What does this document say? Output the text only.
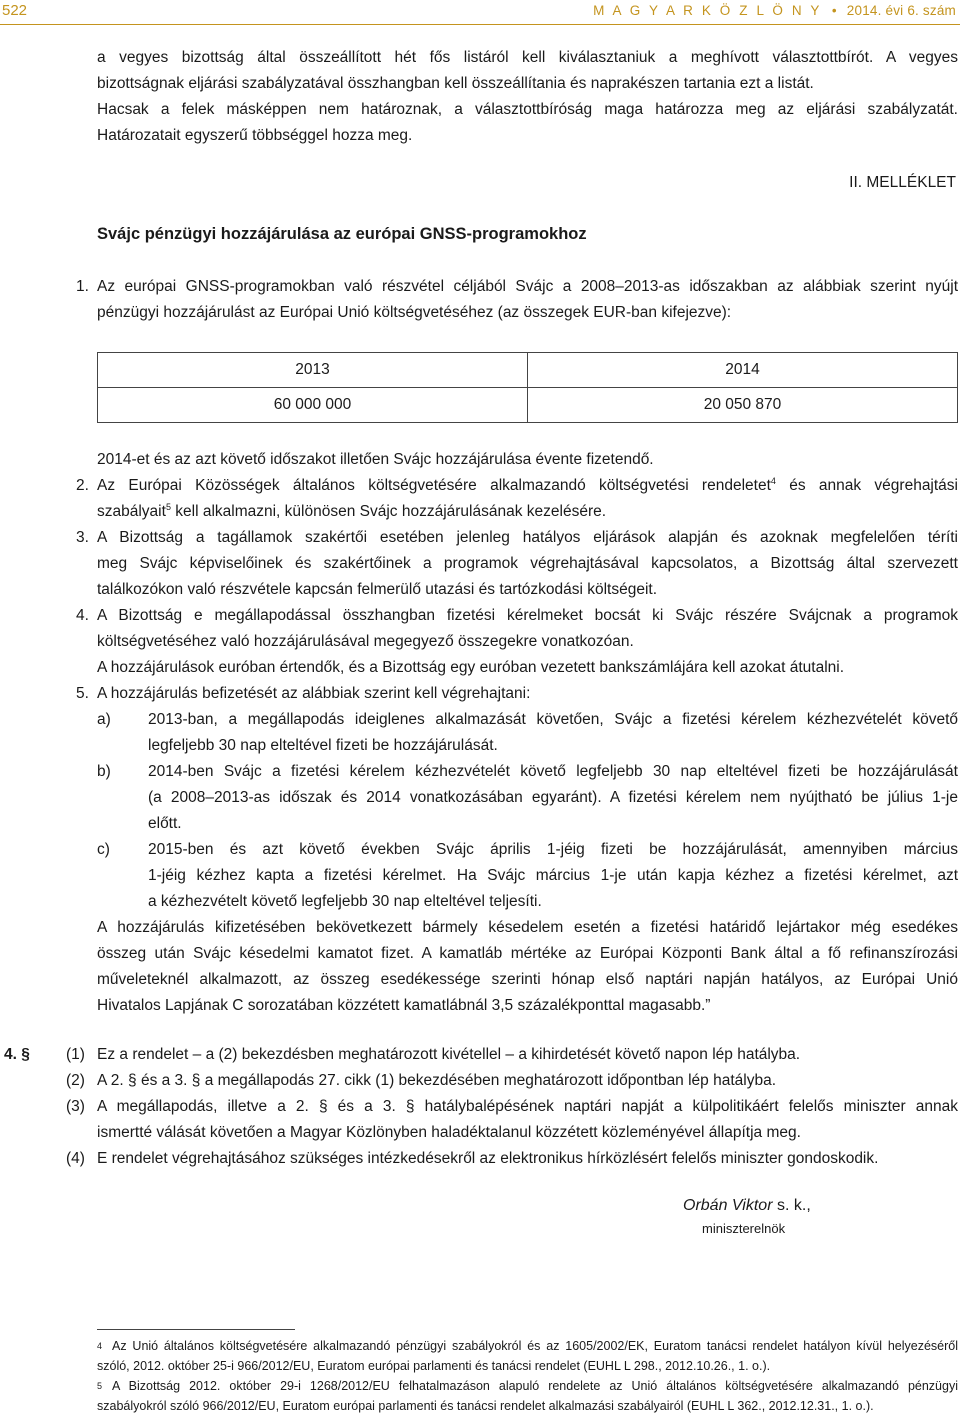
522	M A G Y A R K Ö Z L Ö N Y • 2014. évi 6. szám
a vegyes bizottság által összeállított hét fős listáról kell kiválasztaniuk a meghívott választottbírót. A vegyes
bizottságnak eljárási szabályzatával összhangban kell összeállítania és naprakészen tartania ezt a listát.
Hacsak a felek másképpen nem határoznak, a választottbíróság maga határozza meg az eljárási szabályzatát.
Határozatait egyszerű többséggel hozza meg.
II. MELLÉKLET
Svájc pénzügyi hozzájárulása az európai GNSS-programokhoz
1. Az európai GNSS-programokban való részvétel céljából Svájc a 2008‒2013-as időszakban az alábbiak szerint nyújt
pénzügyi hozzájárulást az Európai Unió költségvetéséhez (az összegek EUR-ban kifejezve):
2013	2014
60 000 000	20 050 870
2014-et és az azt követő időszakot illetően Svájc hozzájárulása évente fizetendő.
2. Az Európai Közösségek általános költségvetésére alkalmazandó költségvetési rendeletet$^4$ és annak végrehajtási
szabályait$^5$ kell alkalmazni, különösen Svájc hozzájárulásának kezelésére.
3. A Bizottság a tagállamok szakértői esetében jelenleg hatályos eljárások alapján és azoknak megfelelően téríti
meg Svájc képviselőinek és szakértőinek a programok végrehajtásával kapcsolatos, a Bizottság által szervezett
találkozókon való részvétele kapcsán felmerülő utazási és tartózkodási költségeit.
4. A Bizottság e megállapodással összhangban fizetési kérelmeket bocsát ki Svájc részére Svájcnak a programok
költségvetéséhez való hozzájárulásával megegyező összegekre vonatkozóan.
A hozzájárulások euróban értendők, és a Bizottság egy euróban vezetett bankszámlájára kell azokat átutalni.
5. A hozzájárulás befizetését az alábbiak szerint kell végrehajtani:
a) 2013-ban, a megállapodás ideiglenes alkalmazását követően, Svájc a fizetési kérelem kézhezvételét követő
legfeljebb 30 nap elteltével fizeti be hozzájárulását.
b) 2014-ben Svájc a fizetési kérelem kézhezvételét követő legfeljebb 30 nap elteltével fizeti be hozzájárulását
(a 2008‒2013-as időszak és 2014 vonatkozásában egyaránt). A fizetési kérelem nem nyújtható be július 1-je
előtt.
c) 2015-ben és azt követő években Svájc április 1-jéig fizeti be hozzájárulását, amennyiben március
1-jéig kézhez kapta a fizetési kérelmet. Ha Svájc március 1-je után kapja kézhez a fizetési kérelmet, azt
a kézhezvételt követő legfeljebb 30 nap elteltével teljesíti.
A hozzájárulás kifizetésében bekövetkezett bármely késedelem esetén a fizetési határidő lejártakor még esedékes
összeg után Svájc késedelmi kamatot fizet. A kamatláb mértéke az Európai Központi Bank által a fő refinanszírozási
műveleteknél alkalmazott, az összeg esedékessége szerinti hónap első naptári napján hatályos, az Európai Unió
Hivatalos Lapjának C sorozatában közzétett kamatlábnál 3,5 százalékponttal magasabb.”
4. § (1) Ez a rendelet ‒ a (2) bekezdésben meghatározott kivétellel ‒ a kihirdetését követő napon lép hatályba.
(2) A 2. § és a 3. § a megállapodás 27. cikk (1) bekezdésében meghatározott időpontban lép hatályba.
(3) A megállapodás, illetve a 2. § és a 3. § hatálybalépésének naptári napját a külpolitikáért felelős miniszter annak
ismertté válását követően a Magyar Közlönyben haladéktalanul közzétett közleményével állapítja meg.
(4) E rendelet végrehajtásához szükséges intézkedésekről az elektronikus hírközlésért felelős miniszter gondoskodik.
Orbán Viktor s. k.,
miniszterelnök
$^4$ Az Unió általános költségvetésére alkalmazandó pénzügyi szabályokról és az 1605/2002/EK, Euratom tanácsi rendelet hatályon kívül helyezéséről
szóló, 2012. október 25-i 966/2012/EU, Euratom európai parlamenti és tanácsi rendelet (EUHL L 298., 2012.10.26., 1. o.).
$^5$ A Bizottság 2012. október 29-i 1268/2012/EU felhatalmazáson alapuló rendelete az Unió általános költségvetésére alkalmazandó pénzügyi
szabályokról szóló 966/2012/EU, Euratom európai parlamenti és tanácsi rendelet alkalmazási szabályairól (EUHL L 362., 2012.12.31., 1. o.).
